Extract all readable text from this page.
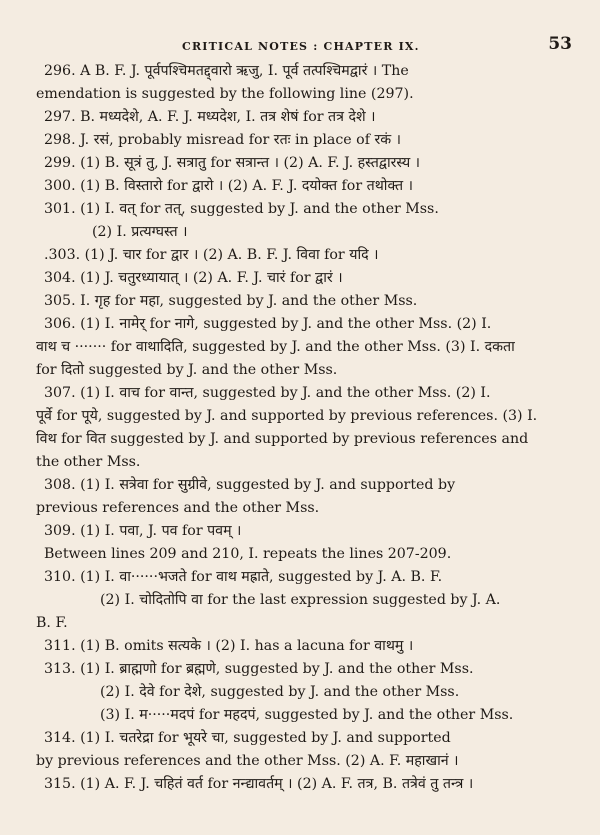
CRITICAL NOTES : CHAPTER IX.	53
296. A B. F. J. पूर्वपश्चिमतद्द्वारो ऋजु, I. पूर्व तत्पश्चिमद्वारं । The
emendation is suggested by the following line (297).
297. B. मध्यदेशे, A. F. J. मध्यदेश, I. तत्र शेषं for तत्र देशे ।
298. J. रसं, probably misread for रतः in place of रकं ।
299. (1) B. सूत्रं तु, J. सत्रातु for सत्रान्त । (2) A. F. J. हस्तद्वारस्य ।
300. (1) B. विस्तारो for द्वारो । (2) A. F. J. दयोक्त for तथोक्त ।
301. (1) I. वत् for तत्, suggested by J. and the other Mss.
(2) I. प्रत्यग्घस्त ।
.303. (1) J. चार for द्वार । (2) A. B. F. J. विवा for यदि ।
304. (1) J. चतुरध्यायात् । (2) A. F. J. चारं for द्वारं ।
305. I. गृह for महा, suggested by J. and the other Mss.
306. (1) I. नामेर् for नागे, suggested by J. and the other Mss. (2) I.
वाथ च ······· for वाथादिति, suggested by J. and the other Mss. (3) I. दकता
for दितो suggested by J. and the other Mss.
307. (1) I. वाच for वान्त, suggested by J. and the other Mss. (2) I.
पूर्वे for पूये, suggested by J. and supported by previous references. (3) I.
विथ for वित suggested by J. and supported by previous references and
the other Mss.
308. (1) I. सत्रेवा for सुग्रीवे, suggested by J. and supported by
previous references and the other Mss.
309. (1) I. पवा, J. पव for पवम् ।
Between lines 209 and 210, I. repeats the lines 207-209.
310. (1) I. वा······भजते for वाथ मह्राते, suggested by J. A. B. F.
(2) I. चोदितोपि वा for the last expression suggested by J. A.
B. F.
311. (1) B. omits सत्यके । (2) I. has a lacuna for वाथमु ।
313. (1) I. ब्राह्मणो for ब्रह्मणे, suggested by J. and the other Mss.
(2) I. देवे for देशे, suggested by J. and the other Mss.
(3) I. म·····मदपं for महदपं, suggested by J. and the other Mss.
314. (1) I. चतरेद्रा for भूयरे चा, suggested by J. and supported
by previous references and the other Mss. (2) A. F. महाखानं ।
315. (1) A. F. J. चहितं वर्त for नन्द्यावर्तम् । (2) A. F. तत्र, B. तत्रेवं तु तन्त्र ।
